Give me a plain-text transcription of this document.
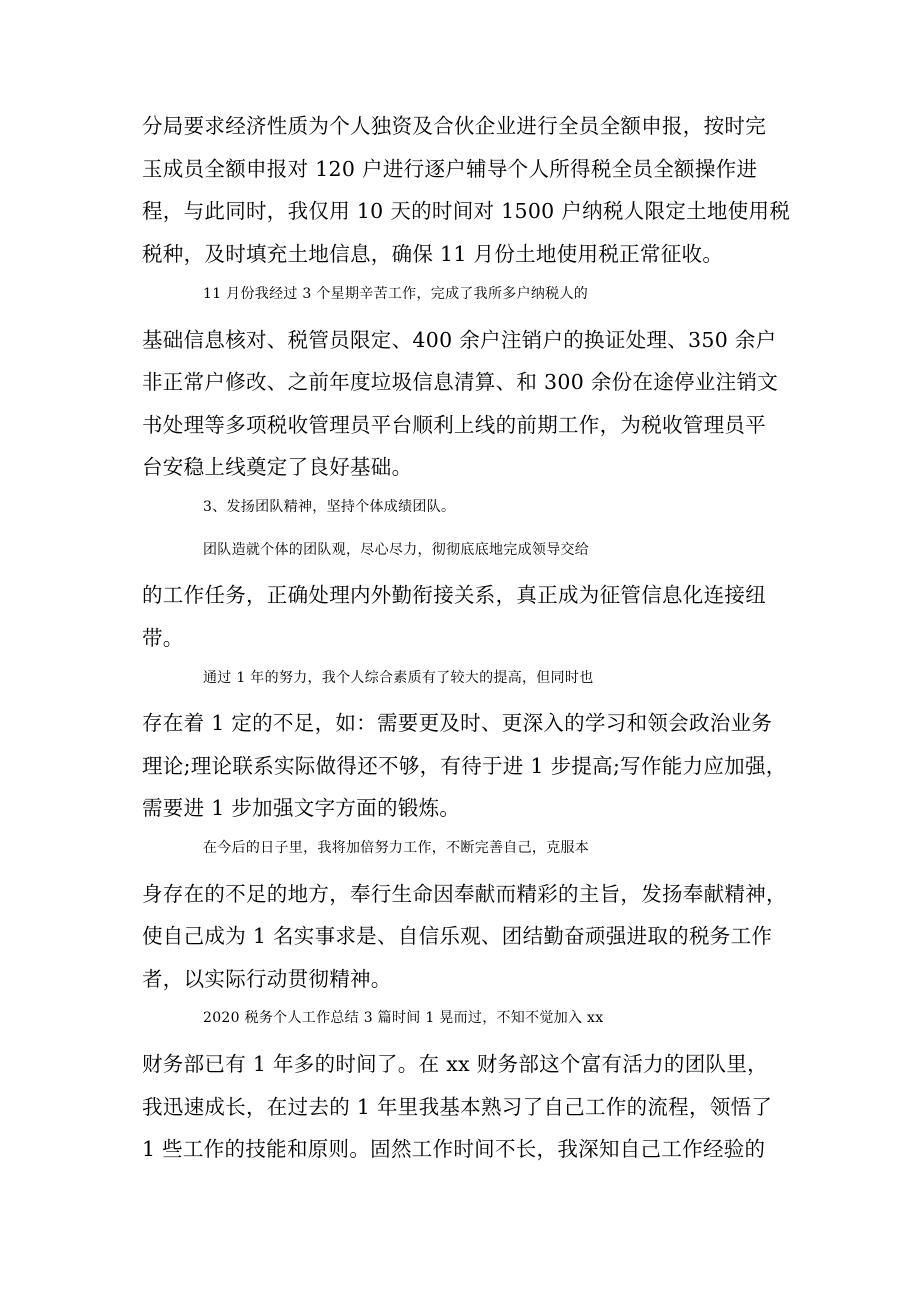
分局要求经济性质为个人独资及合伙企业进行全员全额申报，按时完
玉成员全额申报对 120 户进行逐户辅导个人所得税全员全额操作进
程，与此同时，我仅用 10 天的时间对 1500 户纳税人限定土地使用税
税种，及时填充土地信息，确保 11 月份土地使用税正常征收。
11 月份我经过 3 个星期辛苦工作，完成了我所多户纳税人的
基础信息核对、税管员限定、400 余户注销户的换证处理、350 余户
非正常户修改、之前年度垃圾信息清算、和 300 余份在途停业注销文
书处理等多项税收管理员平台顺利上线的前期工作，为税收管理员平
台安稳上线奠定了良好基础。
3、发扬团队精神，坚持个体成绩团队。
团队造就个体的团队观，尽心尽力，彻彻底底地完成领导交给
的工作任务，正确处理内外勤衔接关系，真正成为征管信息化连接纽
带。
通过 1 年的努力，我个人综合素质有了较大的提高，但同时也
存在着 1 定的不足，如：需要更及时、更深入的学习和领会政治业务
理论;理论联系实际做得还不够，有待于进 1 步提高;写作能力应加强，
需要进 1 步加强文字方面的锻炼。
在今后的日子里，我将加倍努力工作，不断完善自己，克服本
身存在的不足的地方，奉行生命因奉献而精彩的主旨，发扬奉献精神，
使自己成为 1 名实事求是、自信乐观、团结勤奋顽强进取的税务工作
者，以实际行动贯彻精神。
2020 税务个人工作总结 3 篇时间 1 晃而过，不知不觉加入 xx
财务部已有 1 年多的时间了。在 xx 财务部这个富有活力的团队里，
我迅速成长，在过去的 1 年里我基本熟习了自己工作的流程，领悟了
1 些工作的技能和原则。固然工作时间不长，我深知自己工作经验的
